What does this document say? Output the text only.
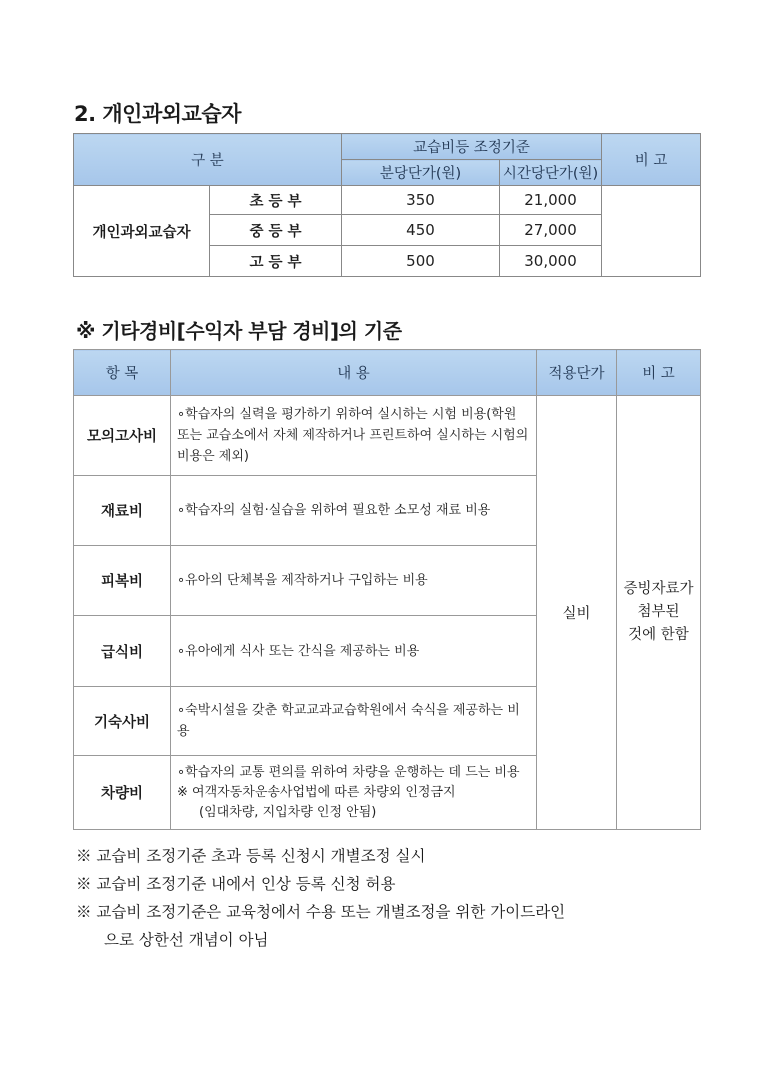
2. 개인과외교습자
구 분		교습비등 조정기준		비 고
		분당단가(원)	시간당단가(원)	
개인과외교습자	초 등 부	350	21,000	
	중 등 부	450	27,000	
	고 등 부	500	30,000	
※ 기타경비[수익자 부담 경비]의 기준
항 목	내 용	적용단가	비 고
모의고사비	∘학습자의 실력을 평가하기 위하여 실시하는 시험 비용(학원 또는 교습소에서 자체 제작하거나 프린트하여 실시하는 시험의 비용은 제외)	실비	증빙자료가
첨부된
것에 한함

재료비	∘학습자의 실험·실습을 위하여 필요한 소모성 재료 비용		
피복비	∘유아의 단체복을 제작하거나 구입하는 비용		
급식비	∘유아에게 식사 또는 간식을 제공하는 비용		
기숙사비	∘숙박시설을 갖춘 학교교과교습학원에서 숙식을 제공하는 비용		
차량비	∘학습자의 교통 편의를 위하여 차량을 운행하는 데 드는 비용
※ 여객자동차운송사업법에 따른 차량외 인정금지
(임대차량, 지입차량 인정 안됨)		
※ 교습비 조정기준 초과 등록 신청시 개별조정 실시
※ 교습비 조정기준 내에서 인상 등록 신청 허용
※ 교습비 조정기준은 교육청에서 수용 또는 개별조정을 위한 가이드라인
으로 상한선 개념이 아님
